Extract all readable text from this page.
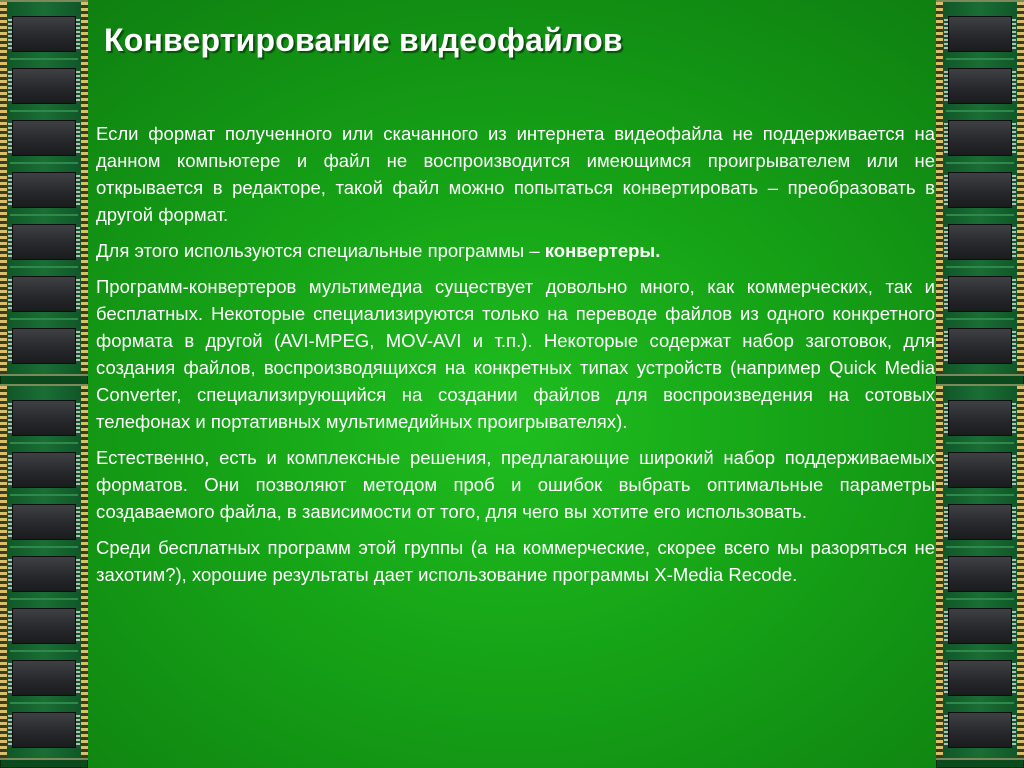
Конвертирование видеофайлов

Если формат полученного или скачанного из интернета видеофайла не поддерживается на данном компьютере и файл не воспроизводится имеющимся проигрывателем или не открывается в редакторе, такой файл можно попытаться конвертировать – преобразовать в другой формат.

Для этого используются специальные программы – конвертеры.

Программ-конвертеров мультимедиа существует довольно много, как коммерческих, так и бесплатных. Некоторые специализируются только на переводе файлов из одного конкретного формата в другой (AVI-MPEG, MOV-AVI и т.п.). Некоторые содержат набор заготовок, для создания файлов, воспроизводящихся на конкретных типах устройств (например Quick Media Converter, специализирующийся на создании файлов для воспроизведения на сотовых телефонах и портативных мультимедийных проигрывателях).

Естественно, есть и комплексные решения, предлагающие широкий набор поддерживаемых форматов. Они позволяют методом проб и ошибок выбрать оптимальные параметры создаваемого файла, в зависимости от того, для чего вы хотите его использовать.

Среди бесплатных программ этой группы (а на коммерческие, скорее всего мы разоряться не захотим?), хорошие результаты дает использование программы X-Media Recode.
